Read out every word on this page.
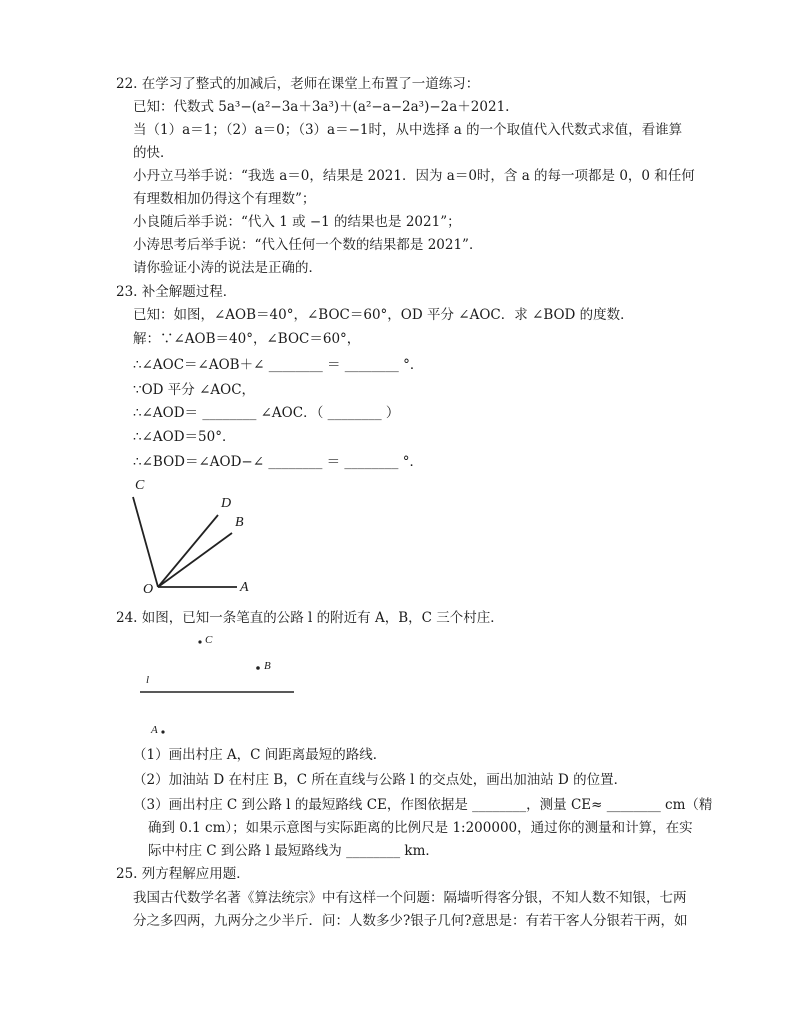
22. 在学习了整式的加减后，老师在课堂上布置了一道练习：
已知：代数式 5a³−(a²−3a＋3a³)＋(a²−a−2a³)−2a＋2021.
当（1）a＝1；（2）a＝0；（3）a＝−1时，从中选择 a 的一个取值代入代数式求值，看谁算
的快．
小丹立马举手说：“我选 a＝0，结果是 2021．因为 a＝0时，含 a 的每一项都是 0，0 和任何
有理数相加仍得这个有理数”；
小良随后举手说：“代入 1 或 −1 的结果也是 2021”；
小涛思考后举手说：“代入任何一个数的结果都是 2021”．
请你验证小涛的说法是正确的．
23. 补全解题过程．
已知：如图，∠AOB＝40°，∠BOC＝60°，OD 平分 ∠AOC．求 ∠BOD 的度数．
解：∵∠AOB＝40°，∠BOC＝60°，
∴∠AOC＝∠AOB＋∠ ________ ＝ ________ °．
∵OD 平分 ∠AOC，
∴∠AOD＝ ________ ∠AOC．（ ________ ）
∴∠AOD＝50°．
∴∠BOD＝∠AOD−∠ ________ ＝ ________ °．
C
D
B
O	A
24. 如图，已知一条笔直的公路 l 的附近有 A，B，C 三个村庄．
C
B
l
A
（1）画出村庄 A，C 间距离最短的路线．
（2）加油站 D 在村庄 B，C 所在直线与公路 l 的交点处，画出加油站 D 的位置．
（3）画出村庄 C 到公路 l 的最短路线 CE，作图依据是 ________，测量 CE≈ ________ cm（精
确到 0.1 cm）；如果示意图与实际距离的比例尺是 1:200000，通过你的测量和计算，在实
际中村庄 C 到公路 l 最短路线为 ________ km．
25. 列方程解应用题．
我国古代数学名著《算法统宗》中有这样一个问题：隔墙听得客分银，不知人数不知银，七两
分之多四两，九两分之少半斤．问：人数多少?银子几何?意思是：有若干客人分银若干两，如
